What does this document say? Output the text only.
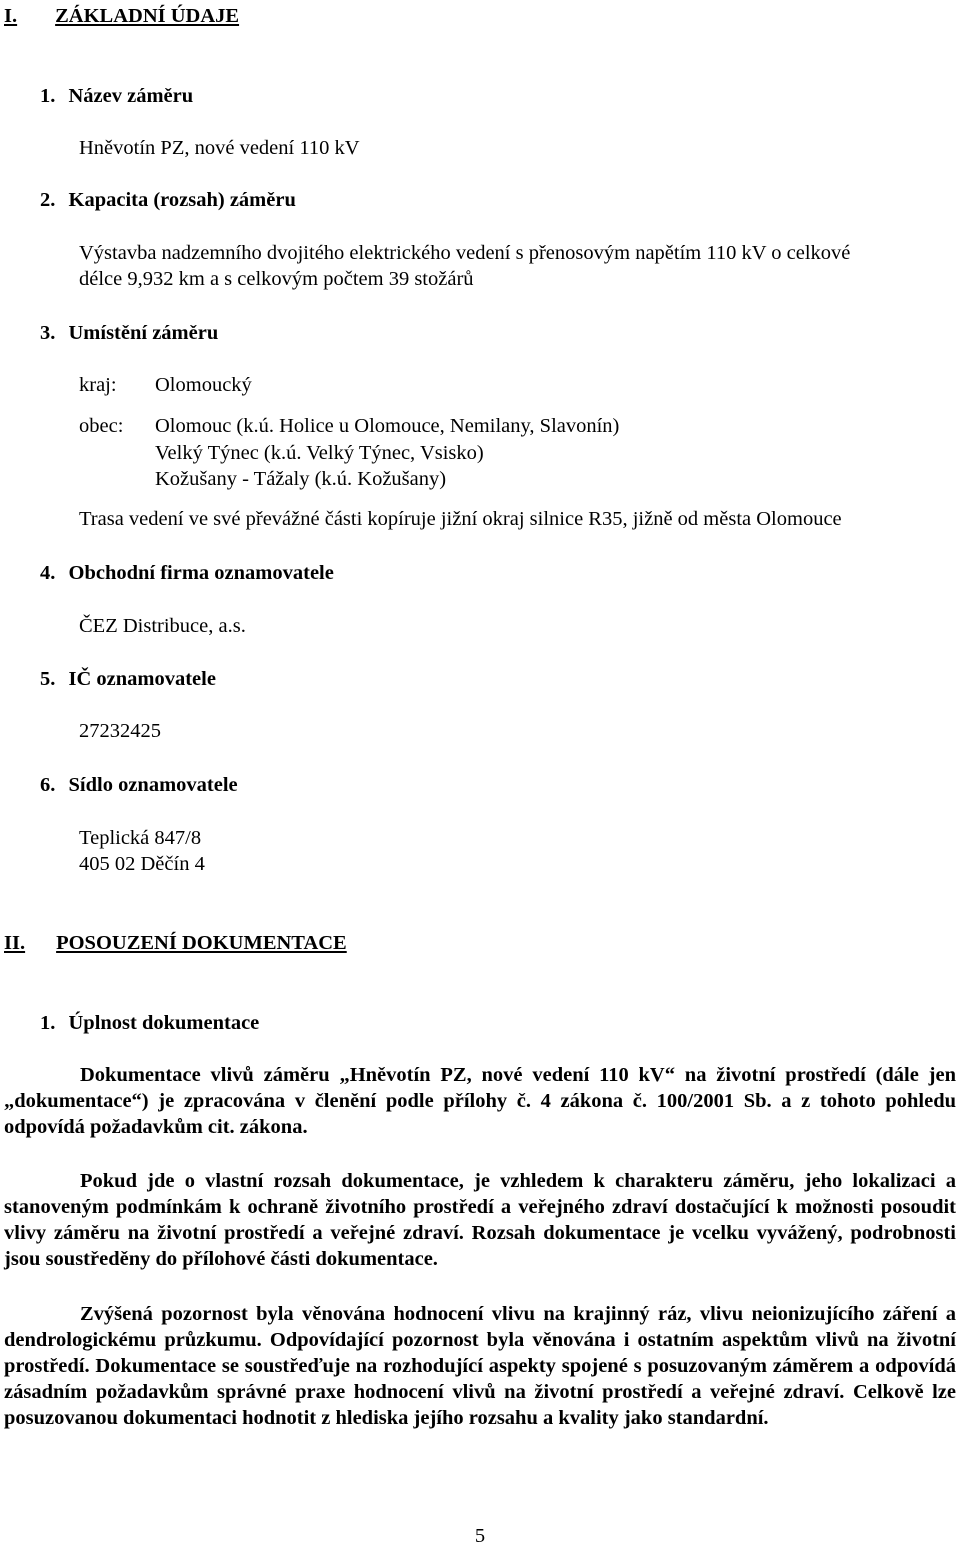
I. ZÁKLADNÍ ÚDAJE
1. Název záměru
Hněvotín PZ, nové vedení 110 kV
2. Kapacita (rozsah) záměru
Výstavba nadzemního dvojitého elektrického vedení s přenosovým napětím 110 kV o celkové
délce 9,932 km a s celkovým počtem 39 stožárů
3. Umístění záměru
kraj: Olomoucký
obec: Olomouc (k.ú. Holice u Olomouce, Nemilany, Slavonín)
Velký Týnec (k.ú. Velký Týnec, Vsisko)
Kožušany - Tážaly (k.ú. Kožušany)
Trasa vedení ve své převážné části kopíruje jižní okraj silnice R35, jižně od města Olomouce
4. Obchodní firma oznamovatele
ČEZ Distribuce, a.s.
5. IČ oznamovatele
27232425
6. Sídlo oznamovatele
Teplická 847/8
405 02 Děčín 4
II. POSOUZENÍ DOKUMENTACE
1. Úplnost dokumentace
Dokumentace vlivů záměru „Hněvotín PZ, nové vedení 110 kV“ na životní prostředí (dále jen „dokumentace“) je zpracována v členění podle přílohy č. 4 zákona č. 100/2001 Sb. a z tohoto pohledu odpovídá požadavkům cit. zákona.
Pokud jde o vlastní rozsah dokumentace, je vzhledem k charakteru záměru, jeho lokalizaci a stanoveným podmínkám k ochraně životního prostředí a veřejného zdraví dostačující k možnosti posoudit vlivy záměru na životní prostředí a veřejné zdraví. Rozsah dokumentace je vcelku vyvážený, podrobnosti jsou soustředěny do přílohové části dokumentace.
Zvýšená pozornost byla věnována hodnocení vlivu na krajinný ráz, vlivu neionizujícího záření a dendrologickému průzkumu. Odpovídající pozornost byla věnována i ostatním aspektům vlivů na životní prostředí. Dokumentace se soustřeďuje na rozhodující aspekty spojené s posuzovaným záměrem a odpovídá zásadním požadavkům správné praxe hodnocení vlivů na životní prostředí a veřejné zdraví. Celkově lze posuzovanou dokumentaci hodnotit z hlediska jejího rozsahu a kvality jako standardní.
5
